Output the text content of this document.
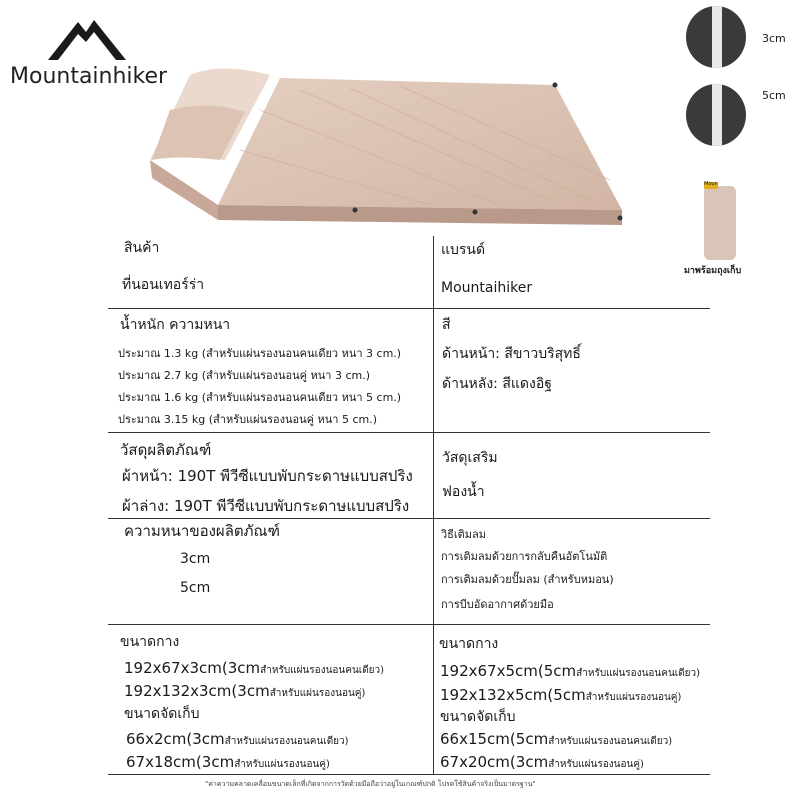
Mountainhiker
3cm
5cm
Moun
มาพร้อมถุงเก็บ
สินค้า
ที่นอนเทอร์ร่า
แบรนด์
Mountaihiker
น้ำหนัก ความหนา
ประมาณ 1.3 kg (สำหรับแผ่นรองนอนคนเดียว หนา 3 cm.)
ประมาณ 2.7 kg (สำหรับแผ่นรองนอนคู่ หนา 3 cm.)
ประมาณ 1.6 kg (สำหรับแผ่นรองนอนคนเดียว หนา 5 cm.)
ประมาณ 3.15 kg (สำหรับแผ่นรองนอนคู่ หนา 5 cm.)
สี
ด้านหน้า: สีขาวบริสุทธิ์
ด้านหลัง: สีแดงอิฐ
วัสดุผลิตภัณฑ์
ผ้าหน้า: 190T พีวีซีแบบพับกระดาษแบบสปริง
ผ้าล่าง: 190T พีวีซีแบบพับกระดาษแบบสปริง
วัสดุเสริม
ฟองน้ำ
ความหนาของผลิตภัณฑ์
3cm
5cm
วิธีเติมลม
การเติมลมด้วยการกลับคืนอัตโนมัติ
การเติมลมด้วยปั๊มลม (สำหรับหมอน)
การบีบอัดอากาศด้วยมือ
ขนาดกาง
192x67x3cm(3cmสำหรับแผ่นรองนอนคนเดียว)
192x132x3cm(3cmสำหรับแผ่นรองนอนคู่)
ขนาดจัดเก็บ
66x2cm(3cmสำหรับแผ่นรองนอนคนเดียว)
67x18cm(3cmสำหรับแผ่นรองนอนคู่)
ขนาดกาง
192x67x5cm(5cmสำหรับแผ่นรองนอนคนเดียว)
192x132x5cm(5cmสำหรับแผ่นรองนอนคู่)
ขนาดจัดเก็บ
66x15cm(5cmสำหรับแผ่นรองนอนคนเดียว)
67x20cm(3cmสำหรับแผ่นรองนอนคู่)
"ค่าความคลาดเคลื่อนขนาดเล็กที่เกิดจากการวัดด้วยมือถือว่าอยู่ในเกณฑ์ปกติ โปรดใช้สินค้าจริงเป็นมาตรฐาน"
